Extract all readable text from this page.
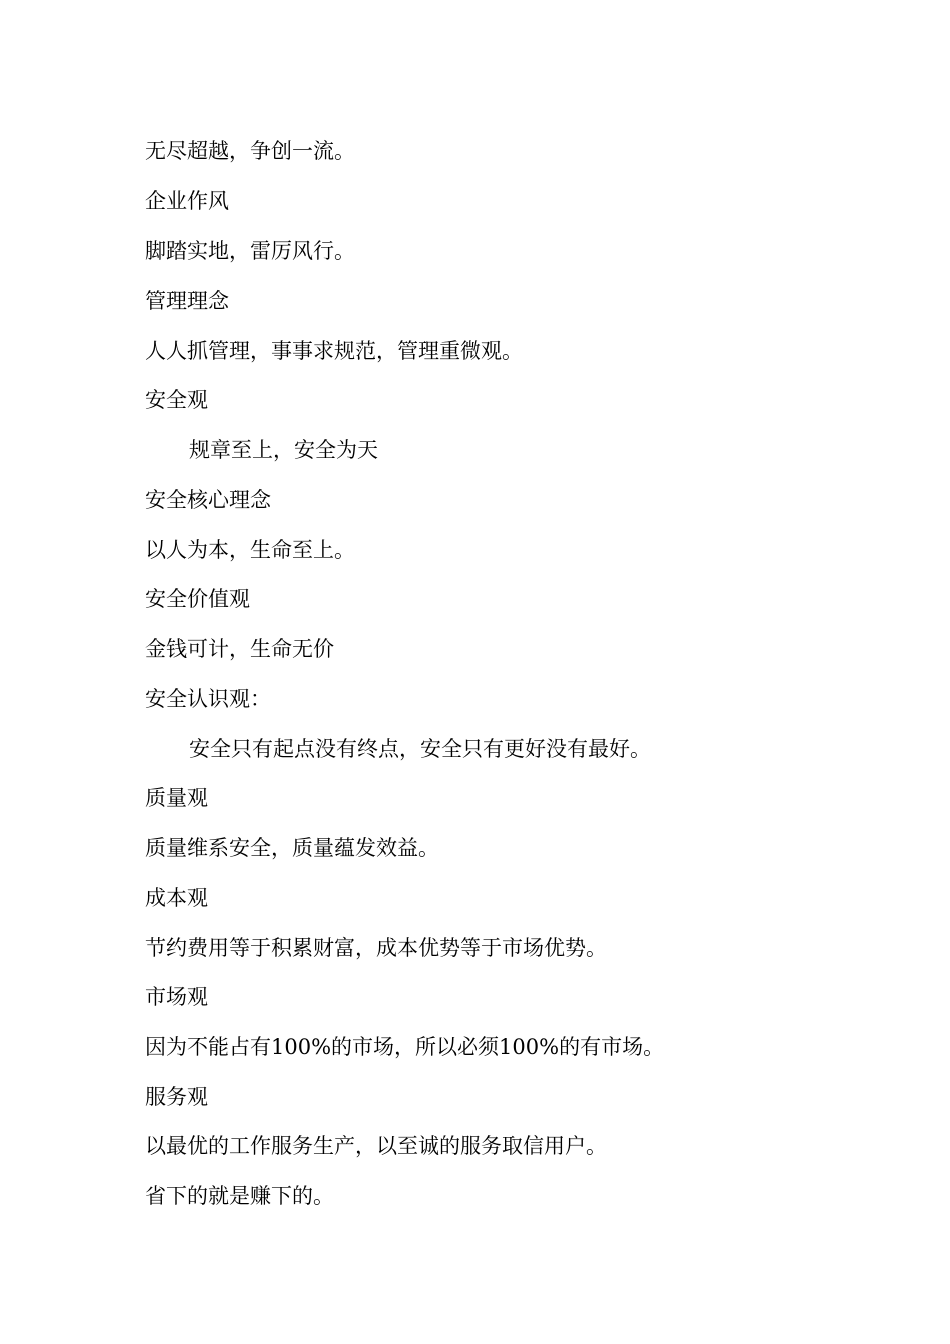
无尽超越，争创一流。
企业作风
脚踏实地，雷厉风行。
管理理念
人人抓管理，事事求规范，管理重微观。
安全观
规章至上，安全为天
安全核心理念
以人为本，生命至上。
安全价值观
金钱可计，生命无价
安全认识观：
安全只有起点没有终点，安全只有更好没有最好。
质量观
质量维系安全，质量蕴发效益。
成本观
节约费用等于积累财富，成本优势等于市场优势。
市场观
因为不能占有100%的市场，所以必须100%的有市场。
服务观
以最优的工作服务生产，以至诚的服务取信用户。
省下的就是赚下的。
